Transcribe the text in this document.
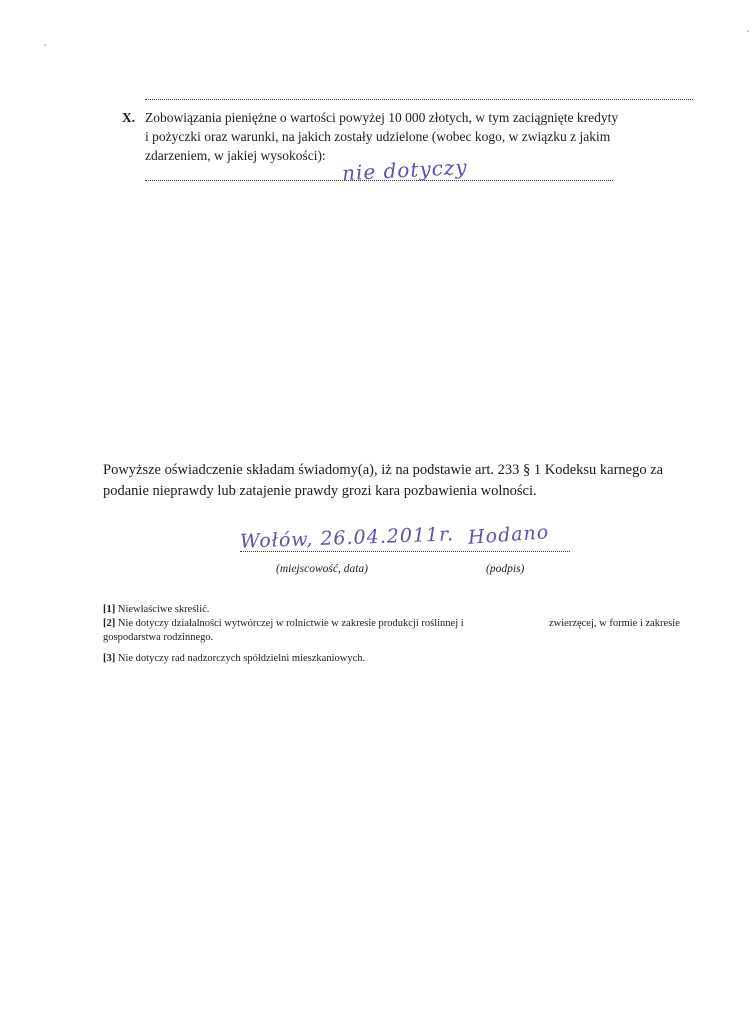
X. Zobowiązania pieniężne o wartości powyżej 10 000 złotych, w tym zaciągnięte kredyty
i pożyczki oraz warunki, na jakich zostały udzielone (wobec kogo, w związku z jakim
zdarzeniem, w jakiej wysokości): nie dotyczy
Powyższe oświadczenie składam świadomy(a), iż na podstawie art. 233 § 1 Kodeksu karnego za
podanie nieprawdy lub zatajenie prawdy grozi kara pozbawienia wolności.
Wołów, 26.04.2011r. Hodano
(miejscowość, data)	(podpis)
[1] Niewłaściwe skreślić.
[2] Nie dotyczy działalności wytwórczej w rolnictwie w zakresie produkcji roślinnej i	zwierzęcej, w formie i zakresie
gospodarstwa rodzinnego.
[3] Nie dotyczy rad nadzorczych spółdzielni mieszkaniowych.
